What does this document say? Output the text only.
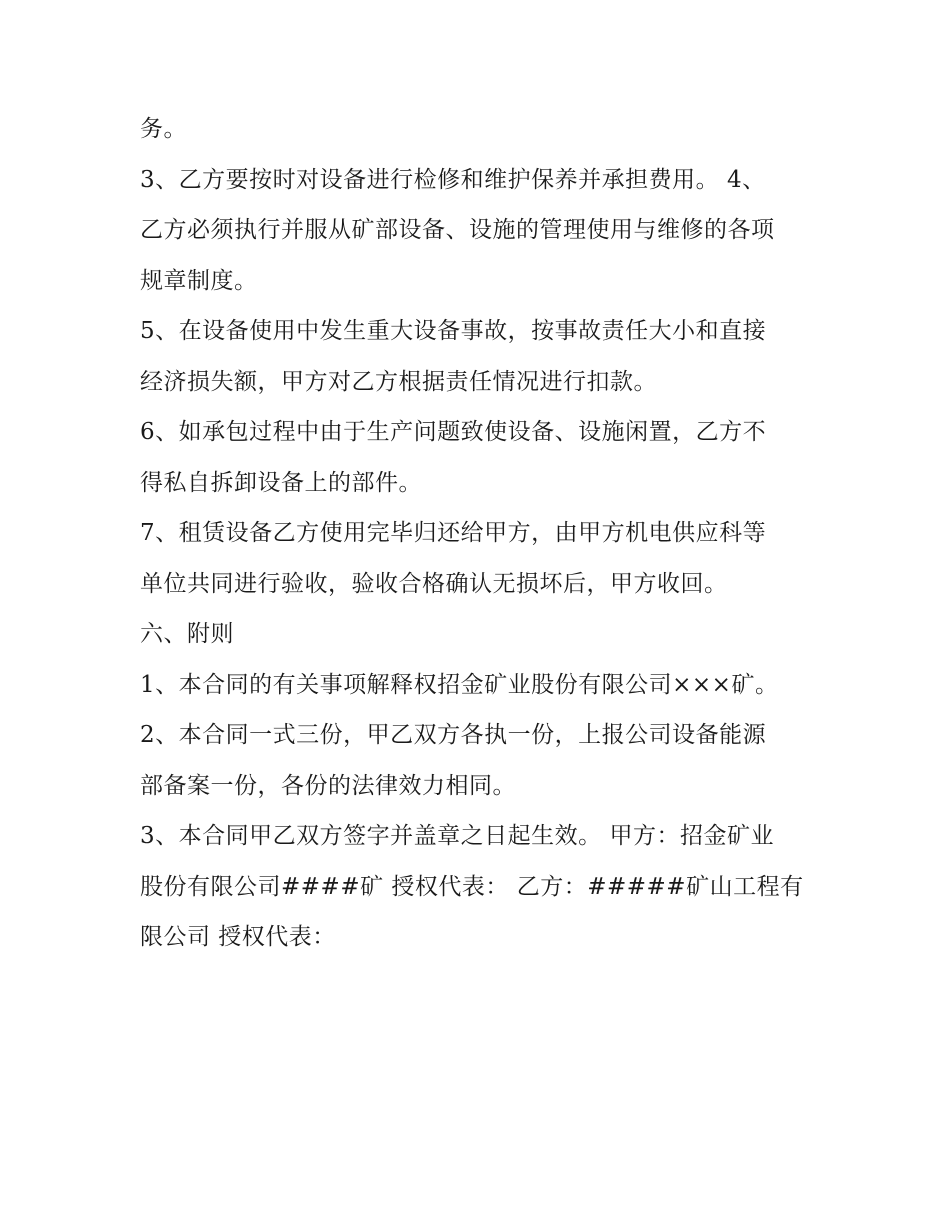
务。
3、乙方要按时对设备进行检修和维护保养并承担费用。 4、
乙方必须执行并服从矿部设备、设施的管理使用与维修的各项
规章制度。
5、在设备使用中发生重大设备事故，按事故责任大小和直接
经济损失额，甲方对乙方根据责任情况进行扣款。
6、如承包过程中由于生产问题致使设备、设施闲置，乙方不
得私自拆卸设备上的部件。
7、租赁设备乙方使用完毕归还给甲方，由甲方机电供应科等
单位共同进行验收，验收合格确认无损坏后，甲方收回。
六、附则
1、本合同的有关事项解释权招金矿业股份有限公司×××矿。
2、本合同一式三份，甲乙双方各执一份，上报公司设备能源
部备案一份，各份的法律效力相同。
3、本合同甲乙双方签字并盖章之日起生效。 甲方：招金矿业
股份有限公司####矿 授权代表： 乙方：#####矿山工程有
限公司 授权代表：
